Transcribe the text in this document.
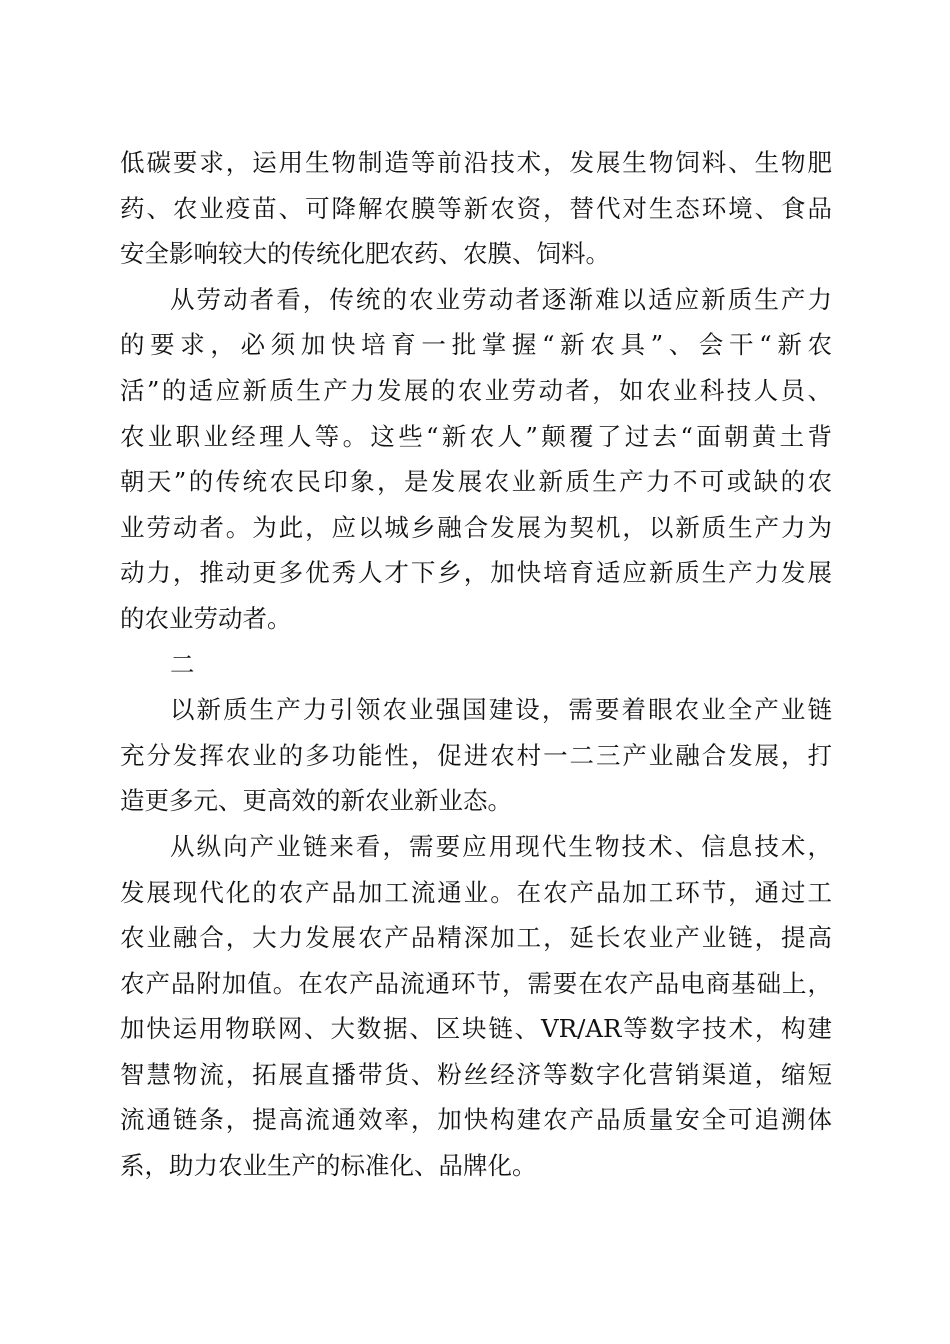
低碳要求，运用生物制造等前沿技术，发展生物饲料、生物肥
药、农业疫苗、可降解农膜等新农资，替代对生态环境、食品
安全影响较大的传统化肥农药、农膜、饲料。
从劳动者看，传统的农业劳动者逐渐难以适应新质生产力
的要求，必须加快培育一批掌握“新农具”、会干“新农
活”的适应新质生产力发展的农业劳动者，如农业科技人员、
农业职业经理人等。这些“新农人”颠覆了过去“面朝黄土背
朝天”的传统农民印象，是发展农业新质生产力不可或缺的农
业劳动者。为此，应以城乡融合发展为契机，以新质生产力为
动力，推动更多优秀人才下乡，加快培育适应新质生产力发展
的农业劳动者。
二
以新质生产力引领农业强国建设，需要着眼农业全产业链
充分发挥农业的多功能性，促进农村一二三产业融合发展，打
造更多元、更高效的新农业新业态。
从纵向产业链来看，需要应用现代生物技术、信息技术，
发展现代化的农产品加工流通业。在农产品加工环节，通过工
农业融合，大力发展农产品精深加工，延长农业产业链，提高
农产品附加值。在农产品流通环节，需要在农产品电商基础上，
加快运用物联网、大数据、区块链、VR/AR等数字技术，构建
智慧物流，拓展直播带货、粉丝经济等数字化营销渠道，缩短
流通链条，提高流通效率，加快构建农产品质量安全可追溯体
系，助力农业生产的标准化、品牌化。
